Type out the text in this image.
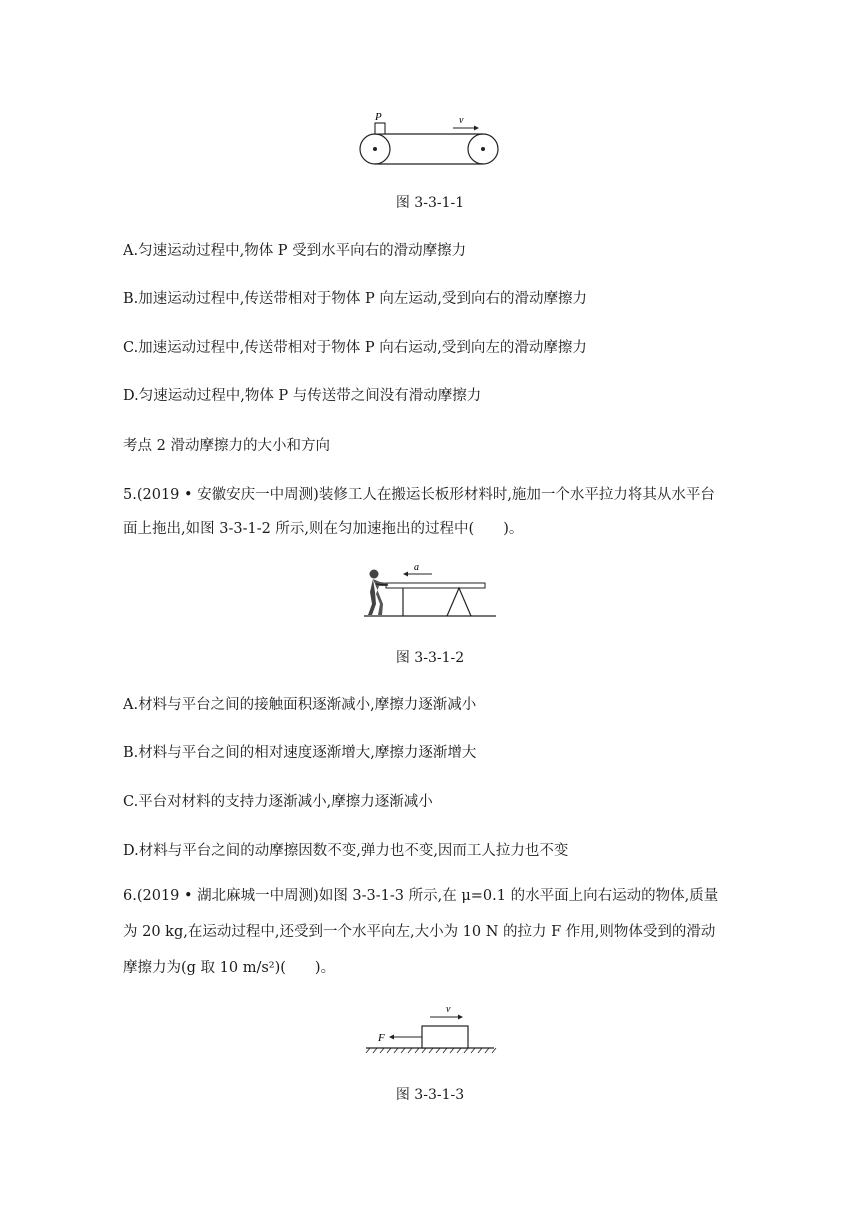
P	v
图 3-3-1-1
A.匀速运动过程中,物体 P 受到水平向右的滑动摩擦力
B.加速运动过程中,传送带相对于物体 P 向左运动,受到向右的滑动摩擦力
C.加速运动过程中,传送带相对于物体 P 向右运动,受到向左的滑动摩擦力
D.匀速运动过程中,物体 P 与传送带之间没有滑动摩擦力
考点 2 滑动摩擦力的大小和方向
5.(2019 • 安徽安庆一中周测)装修工人在搬运长板形材料时,施加一个水平拉力将其从水平台
面上拖出,如图 3-3-1-2 所示,则在匀加速拖出的过程中(　　)。
a
图 3-3-1-2
A.材料与平台之间的接触面积逐渐减小,摩擦力逐渐减小
B.材料与平台之间的相对速度逐渐增大,摩擦力逐渐增大
C.平台对材料的支持力逐渐减小,摩擦力逐渐减小
D.材料与平台之间的动摩擦因数不变,弹力也不变,因而工人拉力也不变
6.(2019 • 湖北麻城一中周测)如图 3-3-1-3 所示,在 μ=0.1 的水平面上向右运动的物体,质量
为 20 kg,在运动过程中,还受到一个水平向左,大小为 10 N 的拉力 F 作用,则物体受到的滑动
摩擦力为(g 取 10 m/s²)(　　)。
F
v
图 3-3-1-3
